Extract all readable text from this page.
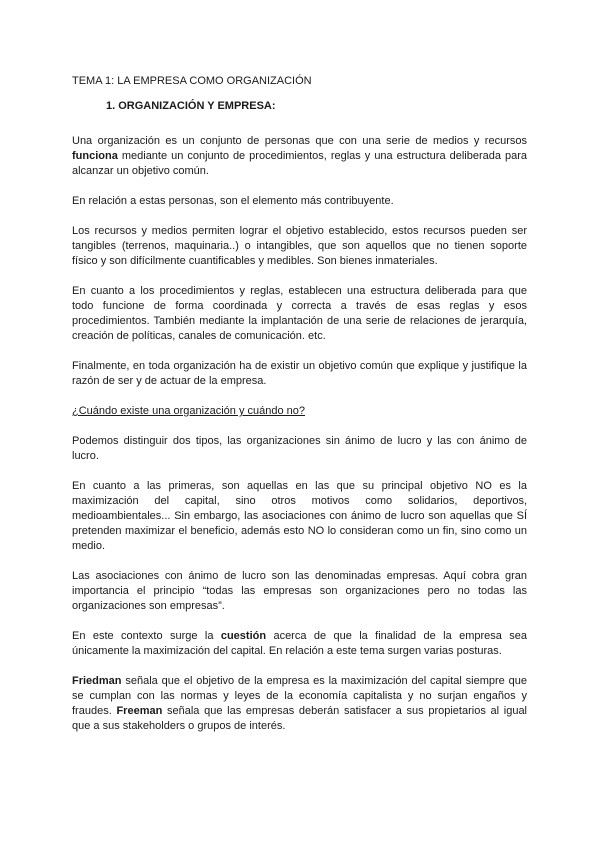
TEMA 1: LA EMPRESA COMO ORGANIZACIÓN

1. ORGANIZACIÓN Y EMPRESA:

Una organización es un conjunto de personas que con una serie de medios y recursos

funciona mediante un conjunto de procedimientos, reglas y una estructura deliberada para

alcanzar un objetivo común.

En relación a estas personas, son el elemento más contribuyente.

Los recursos y medios permiten lograr el objetivo establecido, estos recursos pueden ser

tangibles (terrenos, maquinaria..) o intangibles, que son aquellos que no tienen soporte

físico y son difícilmente cuantificables y medibles. Son bienes inmateriales.

En cuanto a los procedimientos y reglas, establecen una estructura deliberada para que

todo funcione de forma coordinada y correcta a través de esas reglas y esos

procedimientos. También mediante la implantación de una serie de relaciones de jerarquía,

creación de políticas, canales de comunicación. etc.

Finalmente, en toda organización ha de existir un objetivo común que explique y justifique la

razón de ser y de actuar de la empresa.

¿Cuándo existe una organización y cuándo no?

Podemos distinguir dos tipos, las organizaciones sin ánimo de lucro y las con ánimo de

lucro.

En cuanto a las primeras, son aquellas en las que su principal objetivo NO es la

maximización del capital, sino otros motivos como solidarios, deportivos,

medioambientales... Sin embargo, las asociaciones con ánimo de lucro son aquellas que SÍ

pretenden maximizar el beneficio, además esto NO lo consideran como un fin, sino como un

medio.

Las asociaciones con ánimo de lucro son las denominadas empresas. Aquí cobra gran

importancia el principio “todas las empresas son organizaciones pero no todas las

organizaciones son empresas”.

En este contexto surge la cuestión acerca de que la finalidad de la empresa sea

únicamente la maximización del capital. En relación a este tema surgen varias posturas.

Friedman señala que el objetivo de la empresa es la maximización del capital siempre que

se cumplan con las normas y leyes de la economía capitalista y no surjan engaños y

fraudes. Freeman señala que las empresas deberán satisfacer a sus propietarios al igual

que a sus stakeholders o grupos de interés.
